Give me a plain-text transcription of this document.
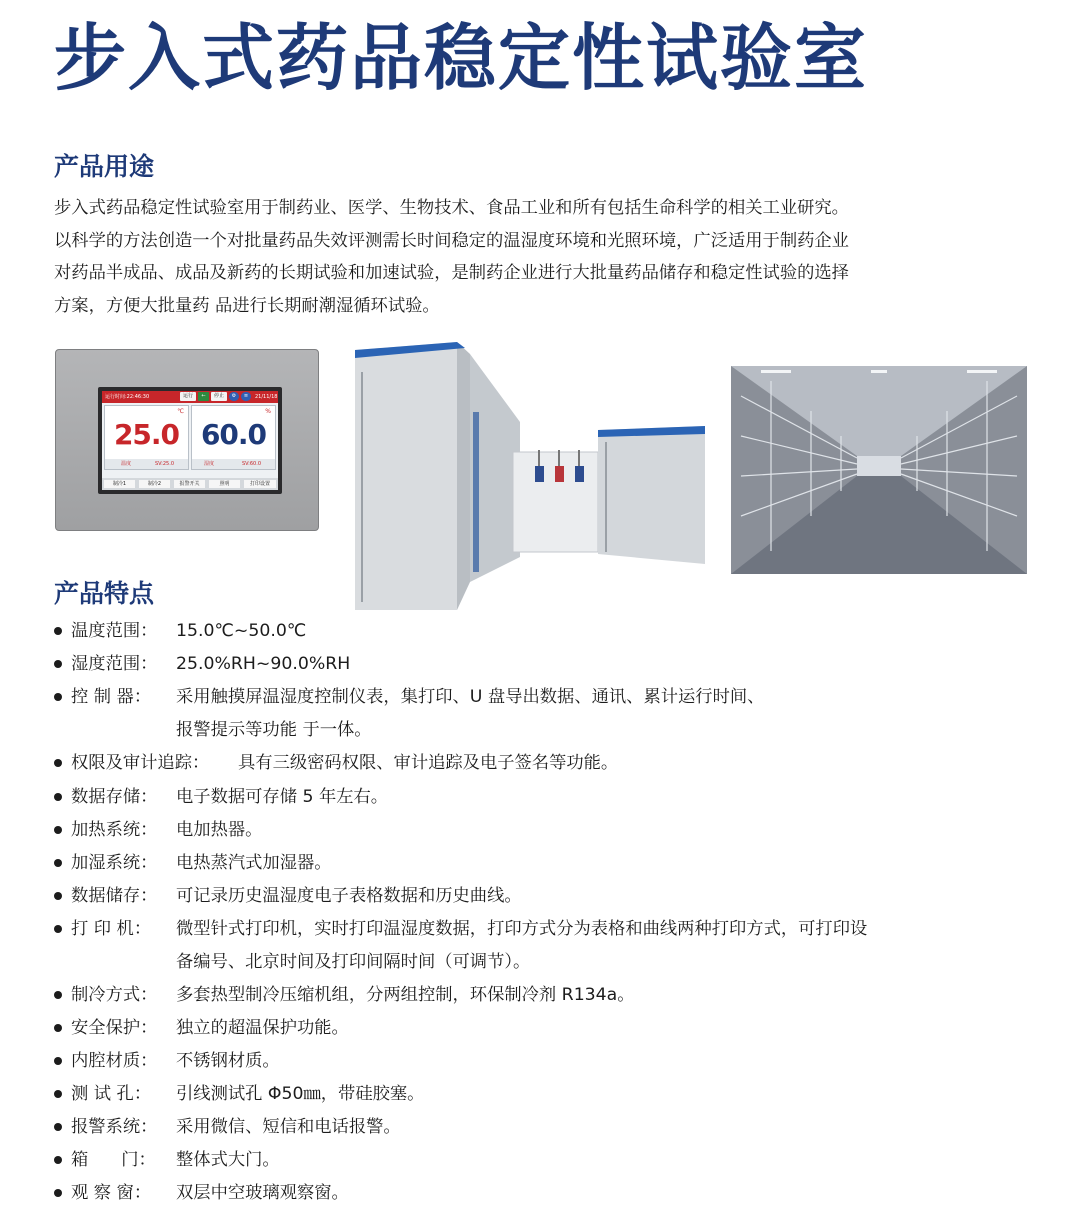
步入式药品稳定性试验室
产品用途
步入式药品稳定性试验室用于制药业、医学、生物技术、食品工业和所有包括生命科学的相关工业研究。
以科学的方法创造一个对批量药品失效评测需长时间稳定的温湿度环境和光照环境，广泛适用于制药企业
对药品半成品、成品及新药的长期试验和加速试验，是制药企业进行大批量药品储存和稳定性试验的选择
方案，方便大批量药 品进行长期耐潮湿循环试验。
运行时间:22:46:30	运行	←	停止	⚙	≡	21/11/18
℃
25.0
温度	SV:25.0
%
60.0
湿度	SV:60.0
制冷1	制冷2	报警开关	照明	打印设置
产品特点
温度范围： 15.0℃~50.0℃
湿度范围： 25.0%RH~90.0%RH
控 制 器： 采用触摸屏温湿度控制仪表，集打印、U 盘导出数据、通讯、累计运行时间、
报警提示等功能 于一体。
权限及审计追踪： 具有三级密码权限、审计追踪及电子签名等功能。
数据存储： 电子数据可存储 5 年左右。
加热系统： 电加热器。
加湿系统： 电热蒸汽式加湿器。
数据储存： 可记录历史温湿度电子表格数据和历史曲线。
打 印 机： 微型针式打印机，实时打印温湿度数据，打印方式分为表格和曲线两种打印方式，可打印设
备编号、北京时间及打印间隔时间（可调节）。
制冷方式： 多套热型制冷压缩机组，分两组控制，环保制冷剂 R134a。
安全保护： 独立的超温保护功能。
内腔材质： 不锈钢材质。
测 试 孔： 引线测试孔 Φ50㎜，带硅胶塞。
报警系统： 采用微信、短信和电话报警。
箱      门： 整体式大门。
观 察 窗： 双层中空玻璃观察窗。
